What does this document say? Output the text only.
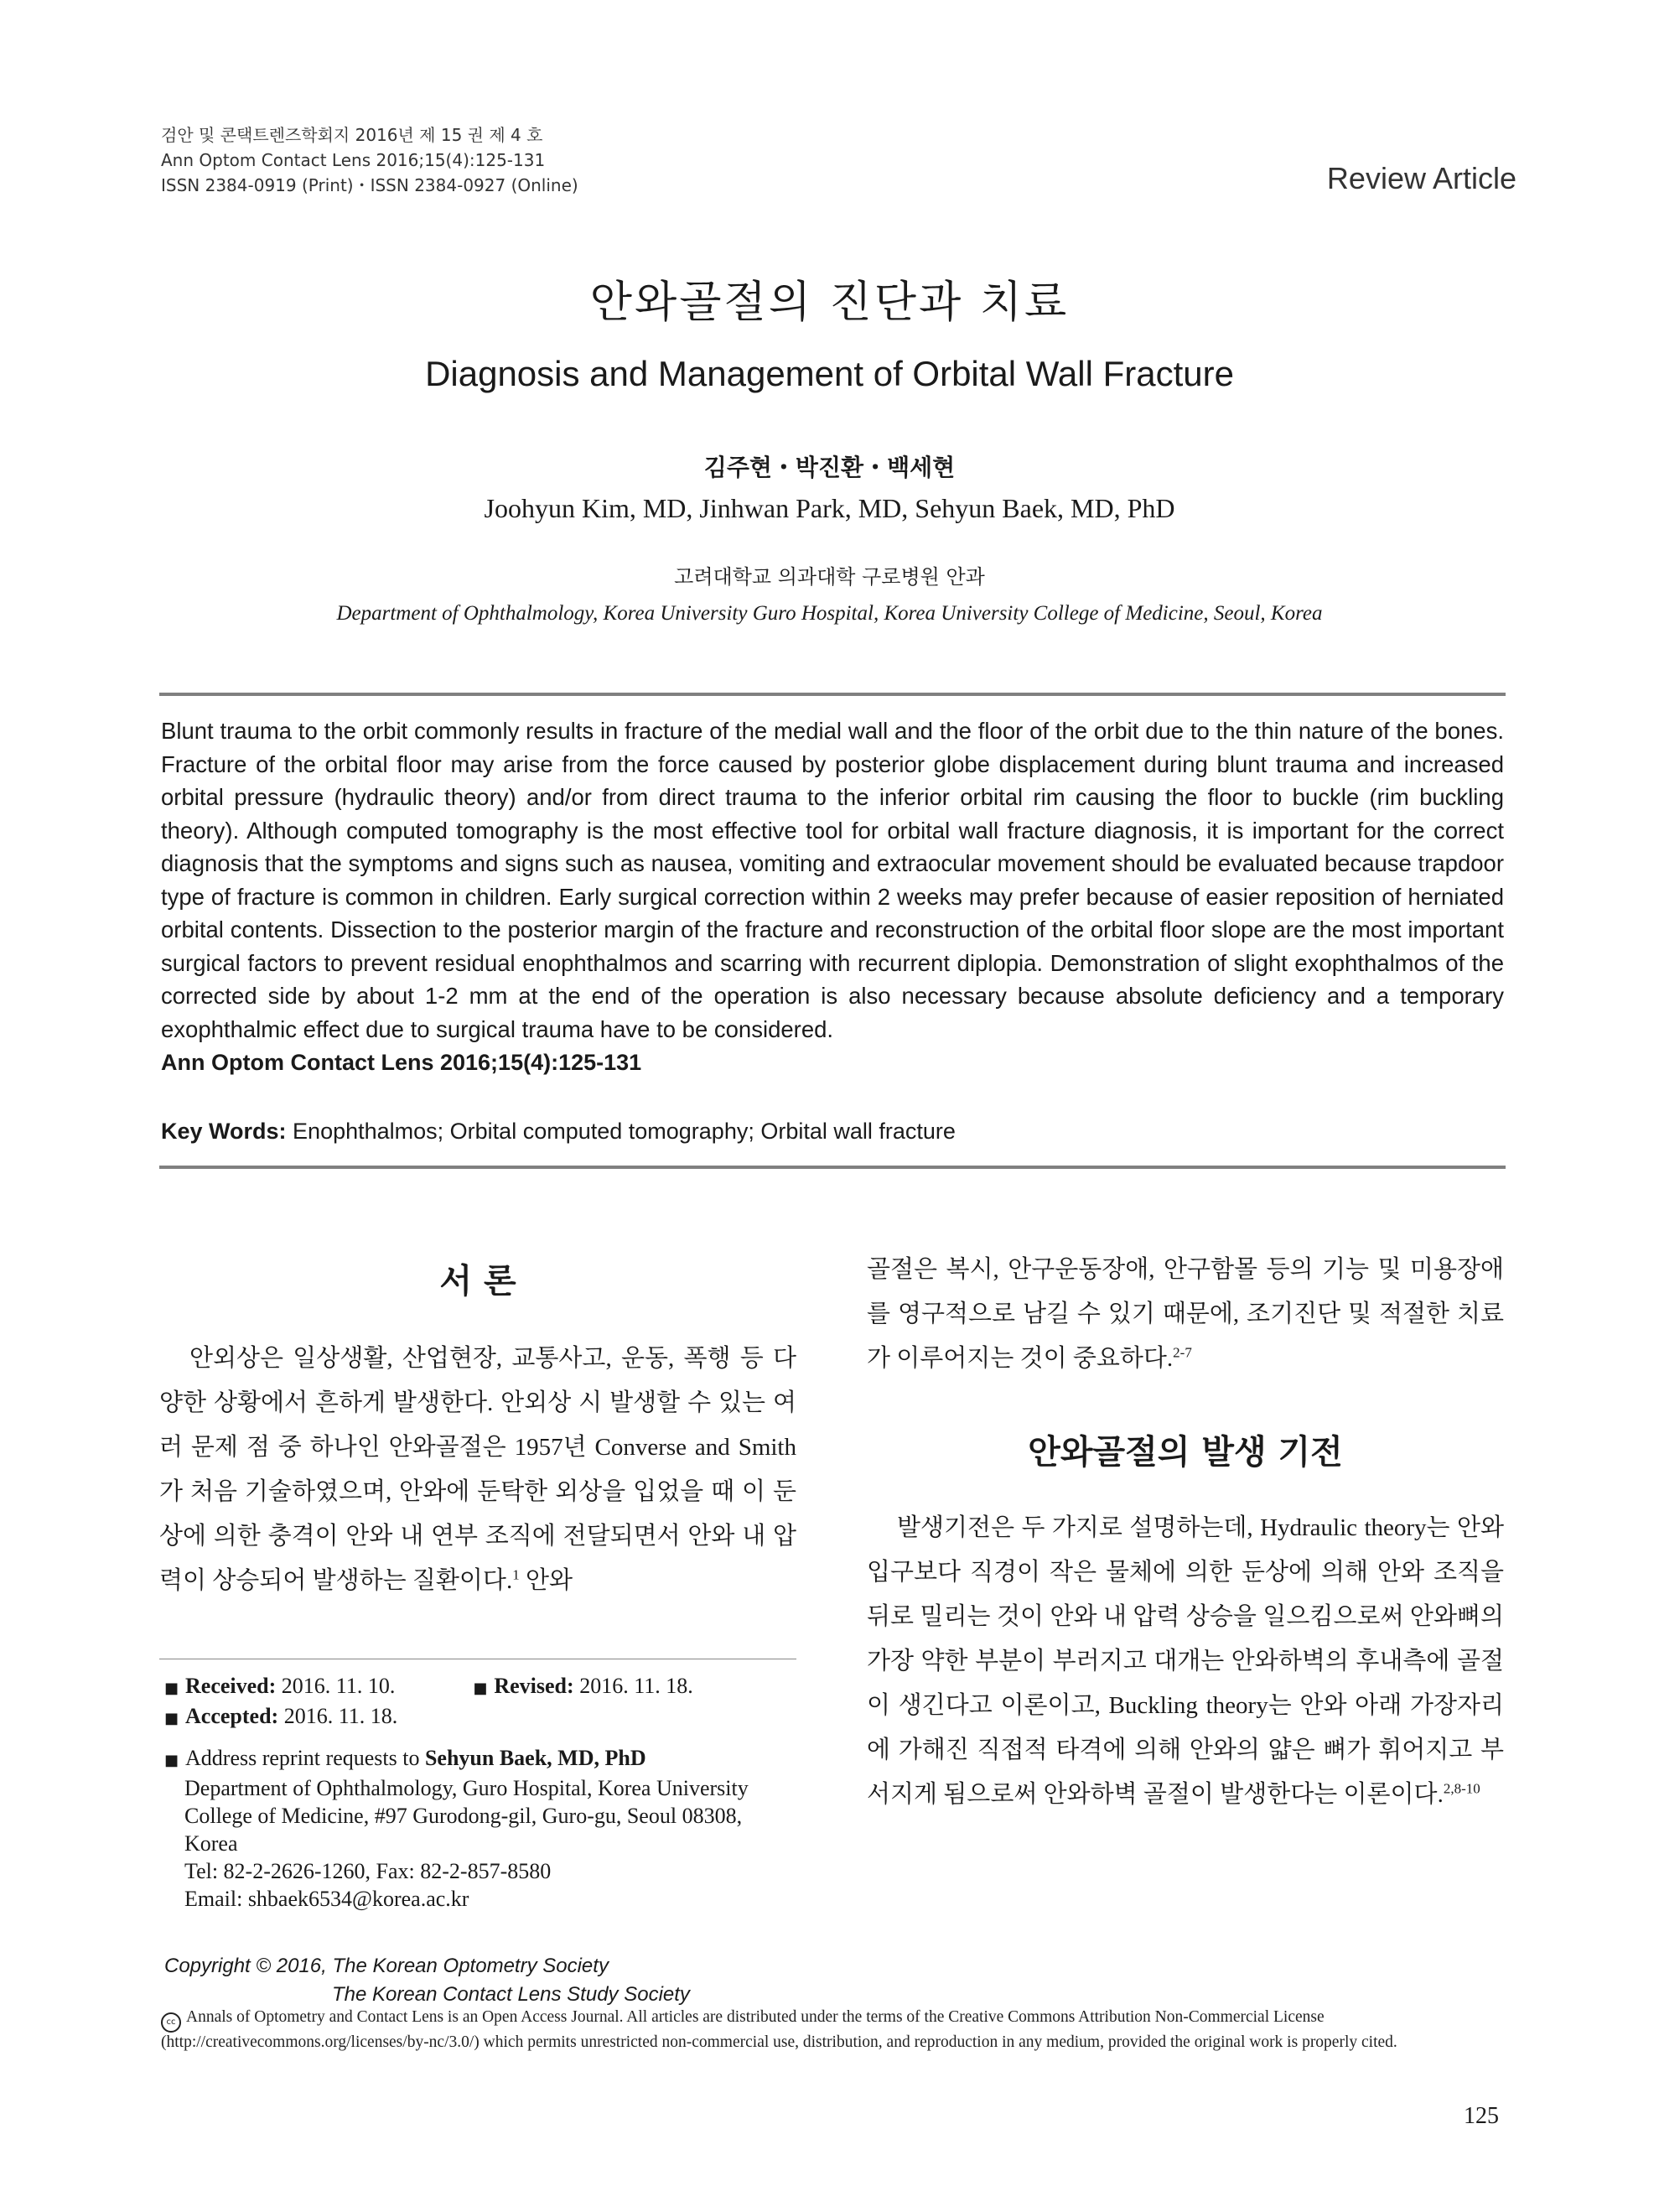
검안 및 콘택트렌즈학회지 2016년 제 15 권 제 4 호
Ann Optom Contact Lens 2016;15(4):125-131
ISSN 2384-0919 (Print)・ISSN 2384-0927 (Online)	Review Article
안와골절의 진단과 치료
Diagnosis and Management of Orbital Wall Fracture
김주현・박진환・백세현
Joohyun Kim, MD, Jinhwan Park, MD, Sehyun Baek, MD, PhD
고려대학교 의과대학 구로병원 안과
Department of Ophthalmology, Korea University Guro Hospital, Korea University College of Medicine, Seoul, Korea
Blunt trauma to the orbit commonly results in fracture of the medial wall and the floor of the orbit due to the thin nature of the bones. Fracture of the orbital floor may arise from the force caused by posterior globe displacement during blunt trauma and increased orbital pressure (hydraulic theory) and/or from direct trauma to the inferior orbital rim causing the floor to buckle (rim buckling theory). Although computed tomography is the most effective tool for orbital wall fracture diagnosis, it is important for the correct diagnosis that the symptoms and signs such as nausea, vomiting and extraocular movement should be evaluated because trapdoor type of fracture is common in children. Early surgical correction within 2 weeks may prefer because of easier reposition of herniated orbital contents. Dissection to the posterior margin of the fracture and reconstruction of the orbital floor slope are the most important surgical factors to prevent residual enophthalmos and scarring with recurrent diplopia. Demonstration of slight exophthalmos of the corrected side by about 1-2 mm at the end of the operation is also necessary because absolute deficiency and a temporary exophthalmic effect due to surgical trauma have to be considered.
Ann Optom Contact Lens 2016;15(4):125-131
Key Words: Enophthalmos; Orbital computed tomography; Orbital wall fracture
서 론
안외상은 일상생활, 산업현장, 교통사고, 운동, 폭행 등 다양한 상황에서 흔하게 발생한다. 안외상 시 발생할 수 있는 여러 문제 점 중 하나인 안와골절은 1957년 Converse and Smith가 처음 기술하였으며, 안와에 둔탁한 외상을 입었을 때 이 둔상에 의한 충격이 안와 내 연부 조직에 전달되면서 안와 내 압력이 상승되어 발생하는 질환이다.$^1$ 안와
■ Received: 2016. 11. 10.	■ Revised: 2016. 11. 18.
■ Accepted: 2016. 11. 18.
■ Address reprint requests to Sehyun Baek, MD, PhD
Department of Ophthalmology, Guro Hospital, Korea University
College of Medicine, #97 Gurodong-gil, Guro-gu, Seoul 08308,
Korea
Tel: 82-2-2626-1260, Fax: 82-2-857-8580
Email: shbaek6534@korea.ac.kr
골절은 복시, 안구운동장애, 안구함몰 등의 기능 및 미용장애를 영구적으로 남길 수 있기 때문에, 조기진단 및 적절한 치료가 이루어지는 것이 중요하다.$^{2-7}$
안와골절의 발생 기전
발생기전은 두 가지로 설명하는데, Hydraulic theory는 안와 입구보다 직경이 작은 물체에 의한 둔상에 의해 안와 조직을 뒤로 밀리는 것이 안와 내 압력 상승을 일으킴으로써 안와뼈의 가장 약한 부분이 부러지고 대개는 안와하벽의 후내측에 골절이 생긴다고 이론이고, Buckling theory는 안와 아래 가장자리에 가해진 직접적 타격에 의해 안와의 얇은 뼈가 휘어지고 부서지게 됨으로써 안와하벽 골절이 발생한다는 이론이다.$^{2,8-10}$
Copyright © 2016, The Korean Optometry Society
The Korean Contact Lens Study Society
cc Annals of Optometry and Contact Lens is an Open Access Journal. All articles are distributed under the terms of the Creative Commons Attribution Non-Commercial License (http://creativecommons.org/licenses/by-nc/3.0/) which permits unrestricted non-commercial use, distribution, and reproduction in any medium, provided the original work is properly cited.
125
